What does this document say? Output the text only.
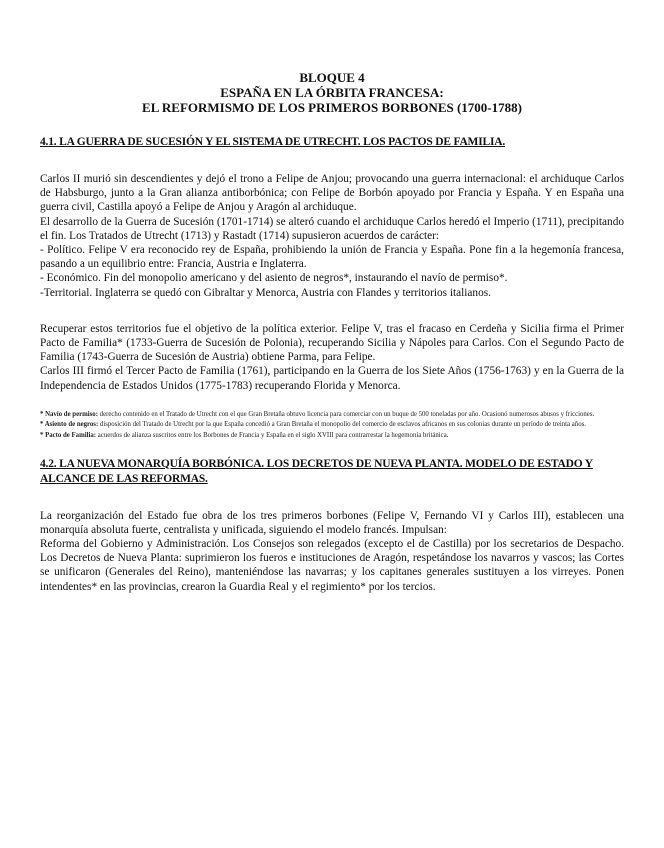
BLOQUE 4
ESPAÑA EN LA ÓRBITA FRANCESA:
EL REFORMISMO DE LOS PRIMEROS BORBONES (1700-1788)
4.1. LA GUERRA DE SUCESIÓN Y EL SISTEMA DE UTRECHT. LOS PACTOS DE FAMILIA.

Carlos II murió sin descendientes y dejó el trono a Felipe de Anjou; provocando una guerra internacional: el archiduque Carlos de Habsburgo, junto a la Gran alianza antiborbónica; con Felipe de Borbón apoyado por Francia y España. Y en España una guerra civil, Castilla apoyó a Felipe de Anjou y Aragón al archiduque.

El desarrollo de la Guerra de Sucesión (1701-1714) se alteró cuando el archiduque Carlos heredó el Imperio (1711), precipitando el fin. Los Tratados de Utrecht (1713) y Rastadt (1714) supusieron acuerdos de carácter:

- Político. Felipe V era reconocido rey de España, prohibiendo la unión de Francia y España. Pone fin a la hegemonía francesa, pasando a un equilibrio entre: Francia, Austria e Inglaterra.

- Económico. Fin del monopolio americano y del asiento de negros*, instaurando el navío de permiso*.

-Territorial. Inglaterra se quedó con Gibraltar y Menorca, Austria con Flandes y territorios italianos.

Recuperar estos territorios fue el objetivo de la política exterior. Felipe V, tras el fracaso en Cerdeña y Sicilia firma el Primer Pacto de Familia* (1733-Guerra de Sucesión de Polonia), recuperando Sicilia y Nápoles para Carlos. Con el Segundo Pacto de Familia (1743-Guerra de Sucesión de Austria) obtiene Parma, para Felipe.

Carlos III firmó el Tercer Pacto de Familia (1761), participando en la Guerra de los Siete Años (1756-1763) y en la Guerra de la Independencia de Estados Unidos (1775-1783) recuperando Florida y Menorca.

* Navío de permiso: derecho contenido en el Tratado de Utrecht con el que Gran Bretaña obtuvo licencia para comerciar con un buque de 500 toneladas por año. Ocasionó numerosos abusos y fricciones.

* Asiento de negros: disposición del Tratado de Utrecht por la que España concedió a Gran Bretaña el monopolio del comercio de esclavos africanos en sus colonias durante un período de treinta años.

* Pacto de Familia: acuerdos de alianza suscritos entre los Borbones de Francia y España en el siglo XVIII para contrarrestar la hegemonía británica.

4.2. LA NUEVA MONARQUÍA BORBÓNICA. LOS DECRETOS DE NUEVA PLANTA. MODELO DE ESTADO Y ALCANCE DE LAS REFORMAS.

La reorganización del Estado fue obra de los tres primeros borbones (Felipe V, Fernando VI y Carlos III), establecen una monarquía absoluta fuerte, centralista y unificada, siguiendo el modelo francés. Impulsan:

Reforma del Gobierno y Administración. Los Consejos son relegados (excepto el de Castilla) por los secretarios de Despacho. Los Decretos de Nueva Planta: suprimieron los fueros e instituciones de Aragón, respetándose los navarros y vascos; las Cortes se unificaron (Generales del Reino), manteniéndose las navarras; y los capitanes generales sustituyen a los virreyes. Ponen intendentes* en las provincias, crearon la Guardia Real y el regimiento* por los tercios.
